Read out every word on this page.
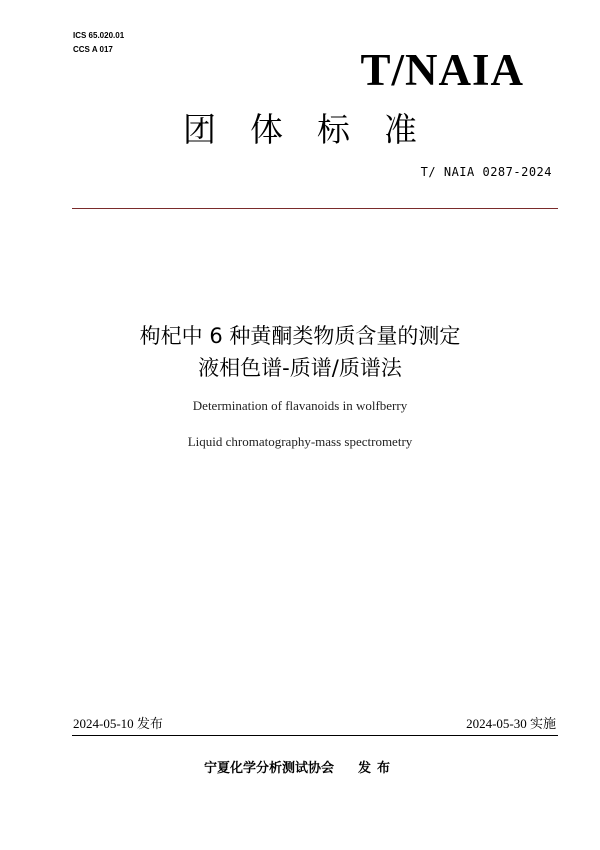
ICS 65.020.01
CCS A 017	T/NAIA
团体标准
T/ NAIA 0287-2024
枸杞中 6 种黄酮类物质含量的测定
液相色谱-质谱/质谱法
Determination of flavanoids in wolfberry
Liquid chromatography-mass spectrometry
2024-05-10 发布	2024-05-30 实施
宁夏化学分析测试协会 发布
